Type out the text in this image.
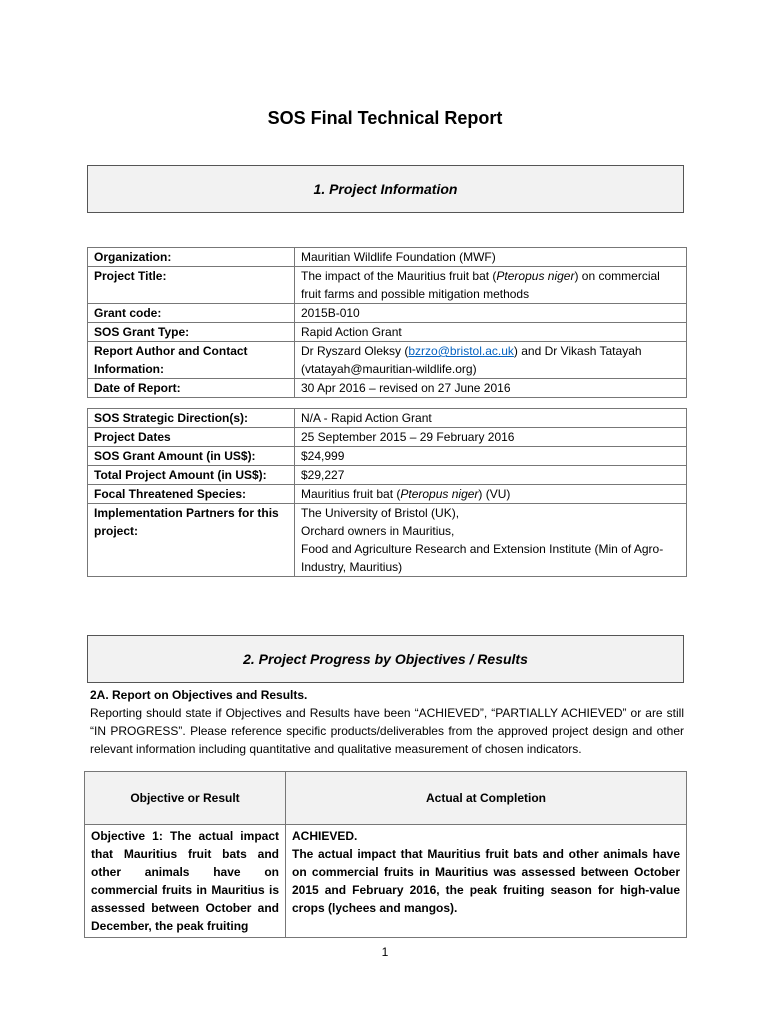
SOS Final Technical Report
1. Project Information
Organization:	Mauritian Wildlife Foundation (MWF)
Project Title:	The impact of the Mauritius fruit bat (Pteropus niger) on commercial fruit farms and possible mitigation methods
Grant code:	2015B-010
SOS Grant Type:	Rapid Action Grant
Report Author and Contact Information:	Dr Ryszard Oleksy (bzrzo@bristol.ac.uk) and Dr Vikash Tatayah (vtatayah@mauritian-wildlife.org)
Date of Report:	30 Apr 2016 – revised on 27 June 2016
SOS Strategic Direction(s):	N/A - Rapid Action Grant
Project Dates	25 September 2015 – 29 February 2016
SOS Grant Amount (in US$):	$24,999
Total Project Amount (in US$):	$29,227
Focal Threatened Species:	Mauritius fruit bat (Pteropus niger) (VU)
Implementation Partners for this project:	The University of Bristol (UK),
Orchard owners in Mauritius,
Food and Agriculture Research and Extension Institute (Min of Agro-Industry, Mauritius)
2. Project Progress by Objectives / Results
2A. Report on Objectives and Results.
Reporting should state if Objectives and Results have been “ACHIEVED”, “PARTIALLY ACHIEVED” or are still “IN PROGRESS”. Please reference specific products/deliverables from the approved project design and other relevant information including quantitative and qualitative measurement of chosen indicators.
Objective or Result	Actual at Completion
Objective 1: The actual impact that Mauritius fruit bats and other animals have on commercial fruits in Mauritius is assessed between October and December, the peak fruiting	ACHIEVED.
The actual impact that Mauritius fruit bats and other animals have on commercial fruits in Mauritius was assessed between October 2015 and February 2016, the peak fruiting season for high-value crops (lychees and mangos).
1
